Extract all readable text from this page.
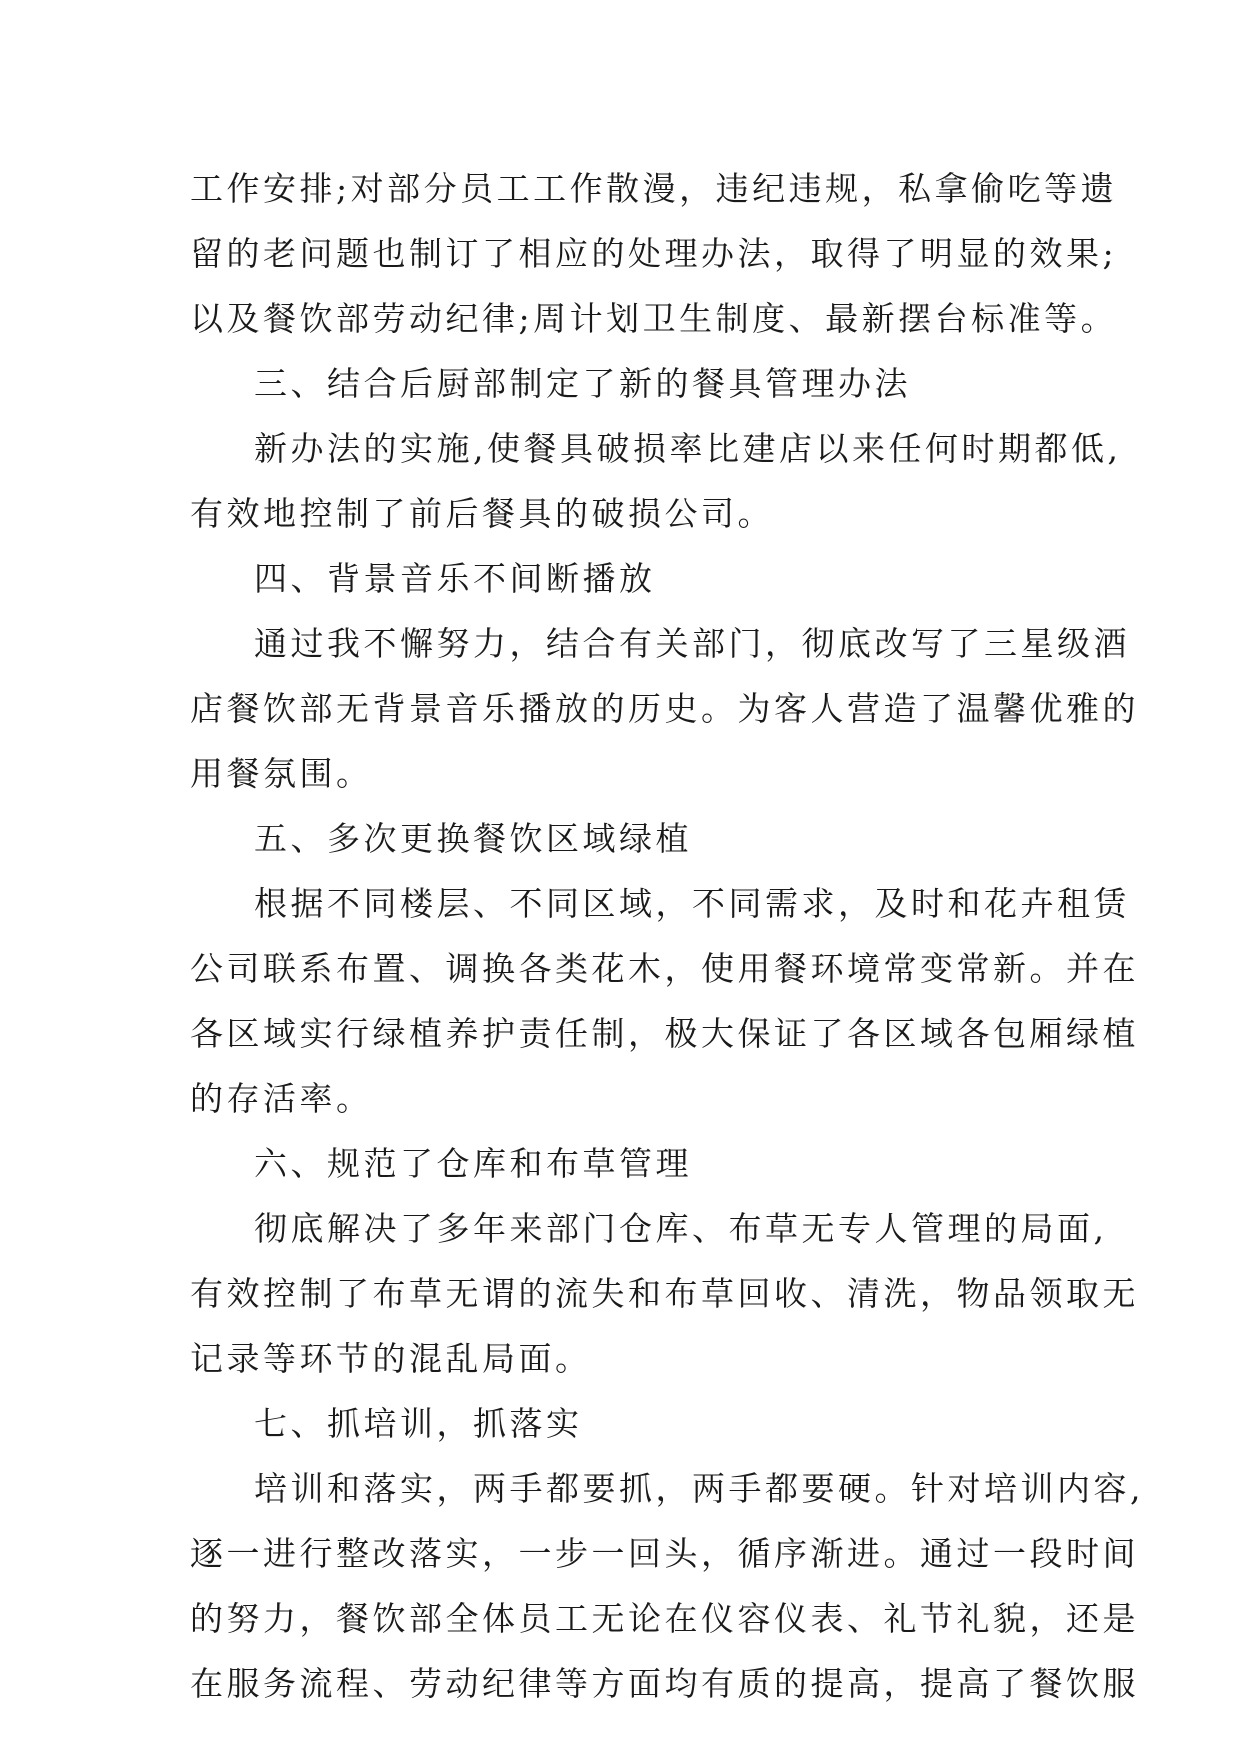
工作安排;对部分员工工作散漫，违纪违规，私拿偷吃等遗
留的老问题也制订了相应的处理办法，取得了明显的效果;
以及餐饮部劳动纪律;周计划卫生制度、最新摆台标准等。
三、结合后厨部制定了新的餐具管理办法
新办法的实施,使餐具破损率比建店以来任何时期都低,
有效地控制了前后餐具的破损公司。
四、背景音乐不间断播放
通过我不懈努力，结合有关部门，彻底改写了三星级酒
店餐饮部无背景音乐播放的历史。为客人营造了温馨优雅的
用餐氛围。
五、多次更换餐饮区域绿植
根据不同楼层、不同区域，不同需求，及时和花卉租赁
公司联系布置、调换各类花木，使用餐环境常变常新。并在
各区域实行绿植养护责任制，极大保证了各区域各包厢绿植
的存活率。
六、规范了仓库和布草管理
彻底解决了多年来部门仓库、布草无专人管理的局面,
有效控制了布草无谓的流失和布草回收、清洗，物品领取无
记录等环节的混乱局面。
七、抓培训，抓落实
培训和落实，两手都要抓，两手都要硬。针对培训内容,
逐一进行整改落实，一步一回头，循序渐进。通过一段时间
的努力，餐饮部全体员工无论在仪容仪表、礼节礼貌，还是
在服务流程、劳动纪律等方面均有质的提高，提高了餐饮服
